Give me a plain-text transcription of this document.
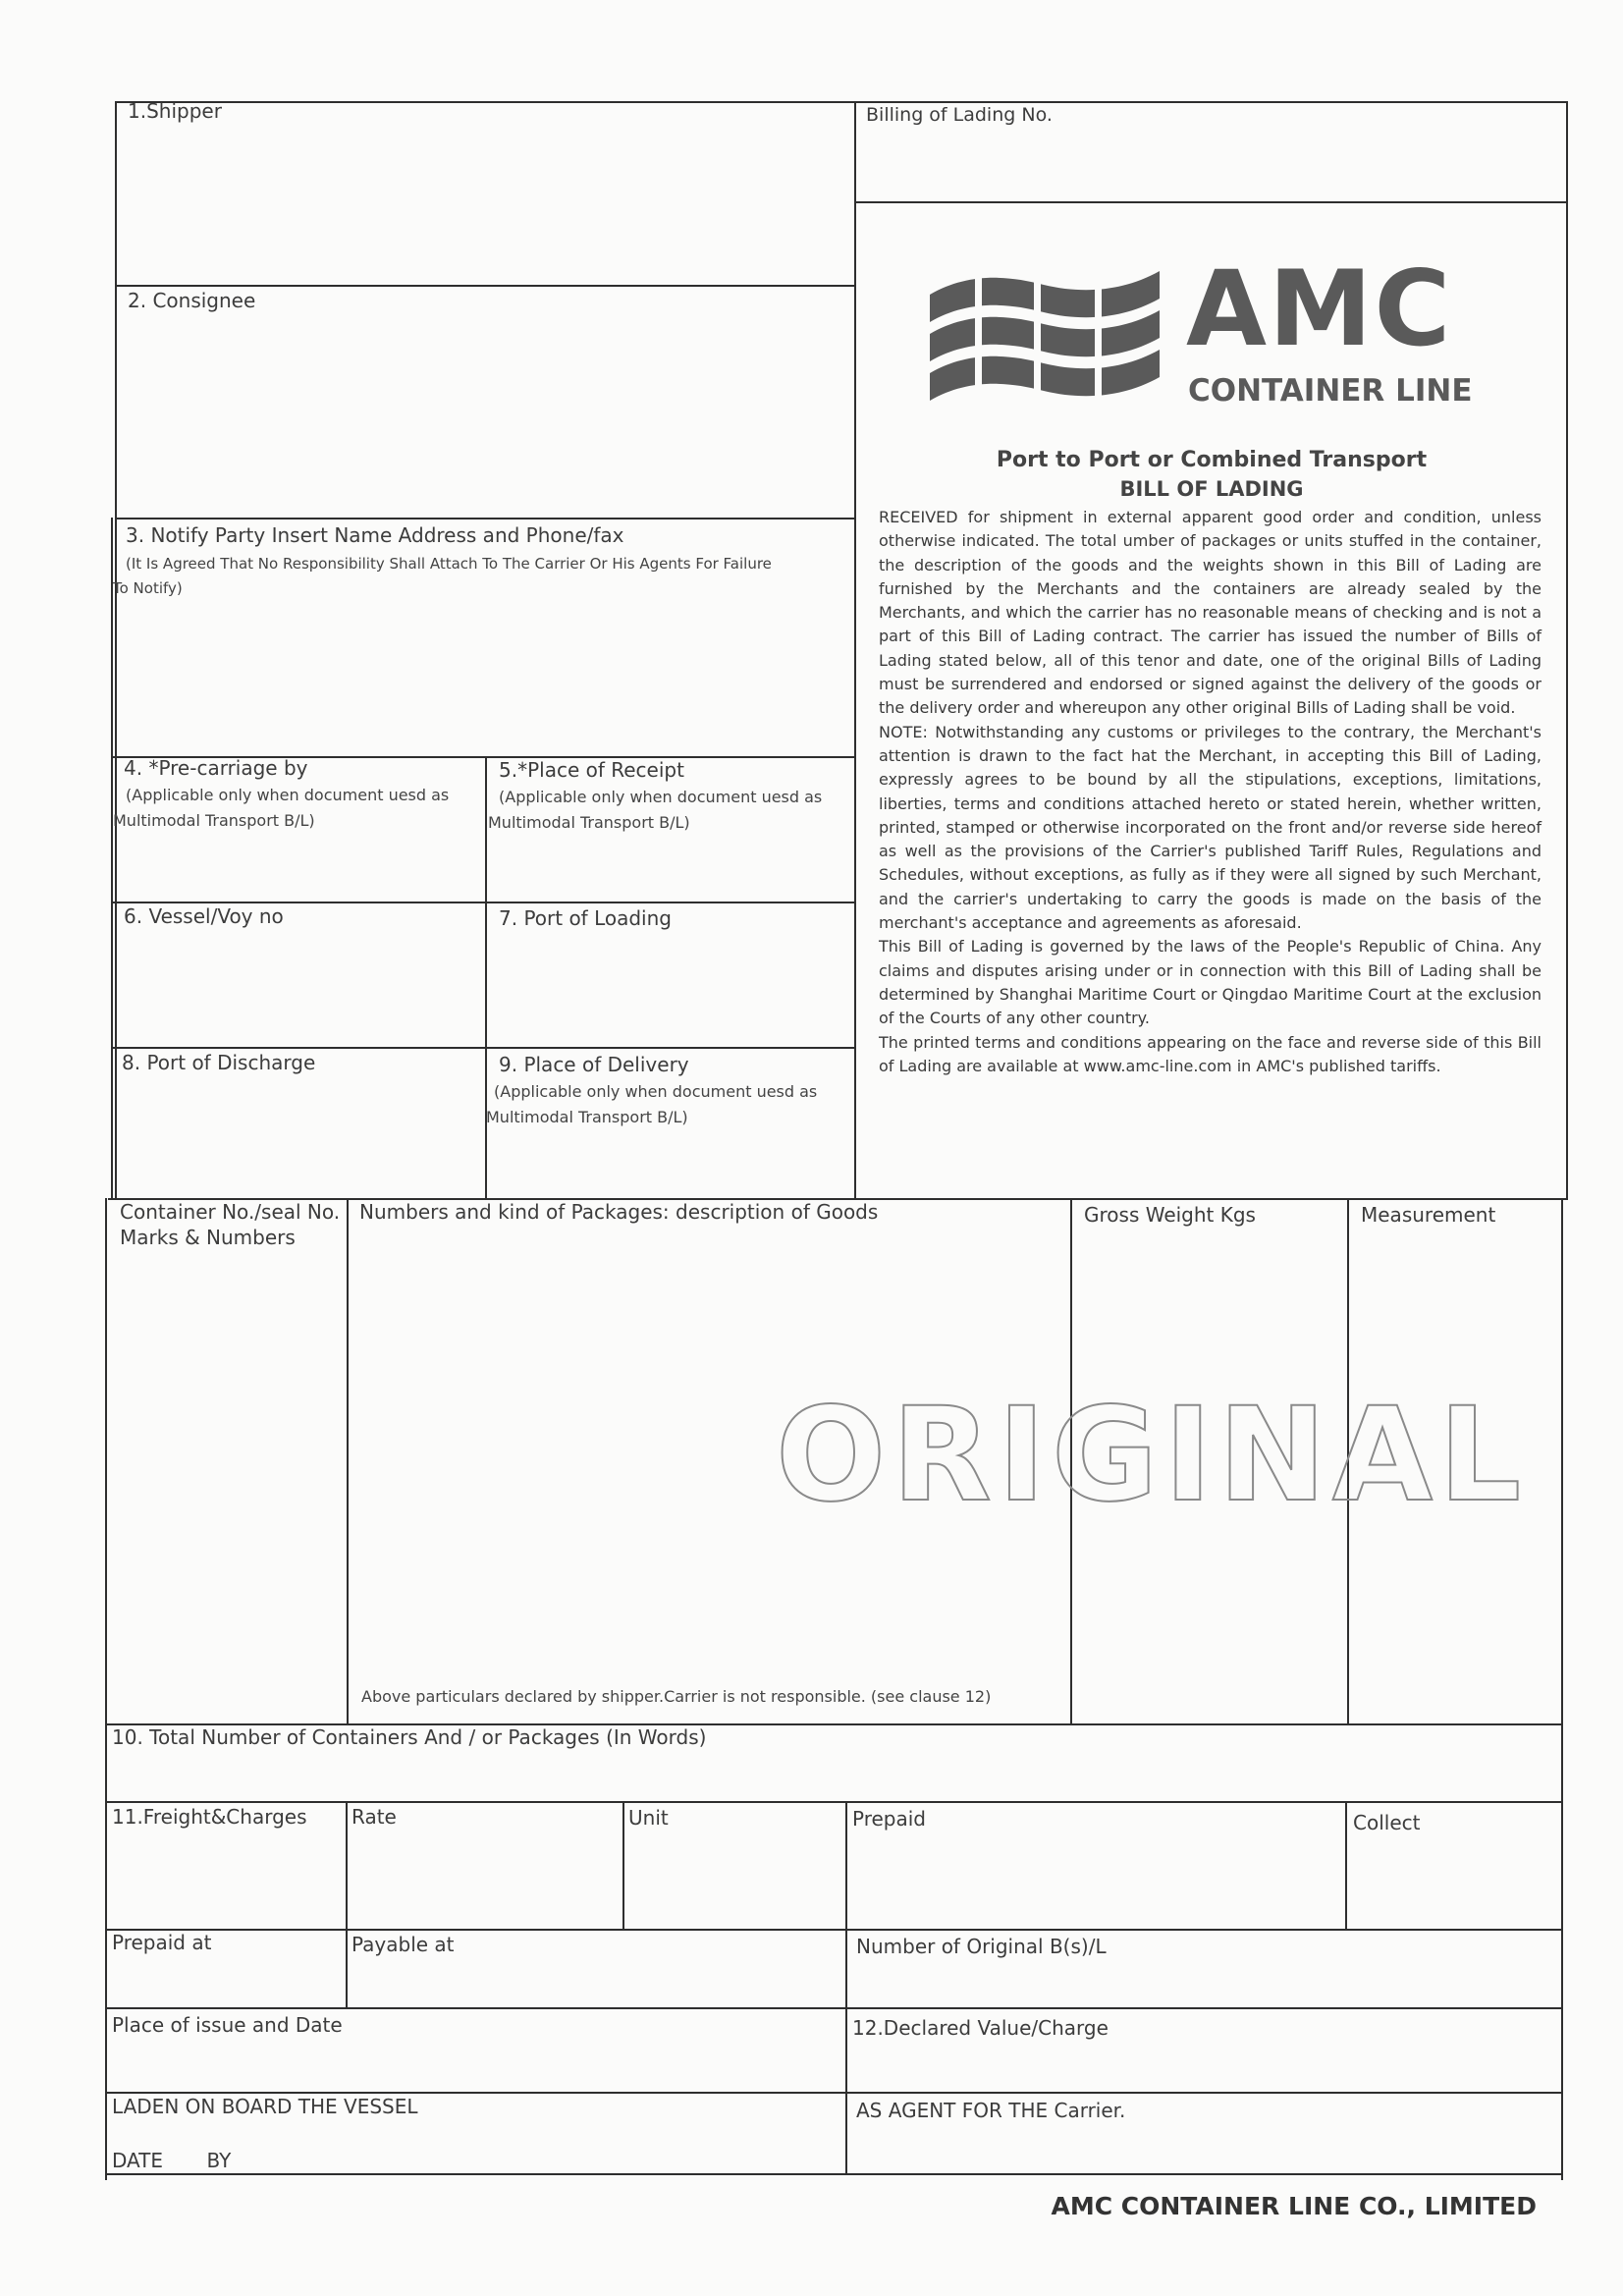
1.Shipper	Billing of Lading No.
2. Consignee
3. Notify Party Insert Name Address and Phone/fax
(It Is Agreed That No Responsibility Shall Attach To The Carrier Or His Agents For Failure
To Notify)
AMC
CONTAINER LINE
Port to Port or Combined Transport
BILL OF LADING

RECEIVED for shipment in external apparent good order and condition, unless otherwise indicated. The total umber of packages or units stuffed in the container, the description of the goods and the weights shown in this Bill of Lading are furnished by the Merchants and the containers are already sealed by the Merchants, and which the carrier has no reasonable means of checking and is not a part of this Bill of Lading contract. The carrier has issued the number of Bills of Lading stated below, all of this tenor and date, one of the original Bills of Lading must be surrendered and endorsed or signed against the delivery of the goods or the delivery order and whereupon any other original Bills of Lading shall be void.

NOTE: Notwithstanding any customs or privileges to the contrary, the Merchant's attention is drawn to the fact hat the Merchant, in accepting this Bill of Lading, expressly agrees to be bound by all the stipulations, exceptions, limitations, liberties, terms and conditions attached hereto or stated herein, whether written, printed, stamped or otherwise incorporated on the front and/or reverse side hereof as well as the provisions of the Carrier's published Tariff Rules, Regulations and Schedules, without exceptions, as fully as if they were all signed by such Merchant, and the carrier's undertaking to carry the goods is made on the basis of the merchant's acceptance and agreements as aforesaid.

This Bill of Lading is governed by the laws of the People's Republic of China. Any claims and disputes arising under or in connection with this Bill of Lading shall be determined by Shanghai Maritime Court or Qingdao Maritime Court at the exclusion of the Courts of any other country.

The printed terms and conditions appearing on the face and reverse side of this Bill of Lading are available at www.amc-line.com in AMC's published tariffs.

4. *Pre-carriage by
(Applicable only when document uesd as
Multimodal Transport B/L)
5.*Place of Receipt
(Applicable only when document uesd as
Multimodal Transport B/L)
6. Vessel/Voy no	7. Port of Loading
8. Port of Discharge	9. Place of Delivery
(Applicable only when document uesd as
Multimodal Transport B/L)
Container No./seal No.
Marks & Numbers
Numbers and kind of Packages: description of Goods	Gross Weight Kgs	Measurement
ORIGINAL
Above particulars declared by shipper.Carrier is not responsible. (see clause 12)
10. Total Number of Containers And / or Packages (In Words)
11.Freight&Charges Rate	Unit	Prepaid	Collect
Prepaid at	Payable at	Number of Original B(s)/L
Place of issue and Date	12.Declared Value/Charge
LADEN ON BOARD THE VESSEL
DATE       BY
AS AGENT FOR THE Carrier.
AMC CONTAINER LINE CO., LIMITED
